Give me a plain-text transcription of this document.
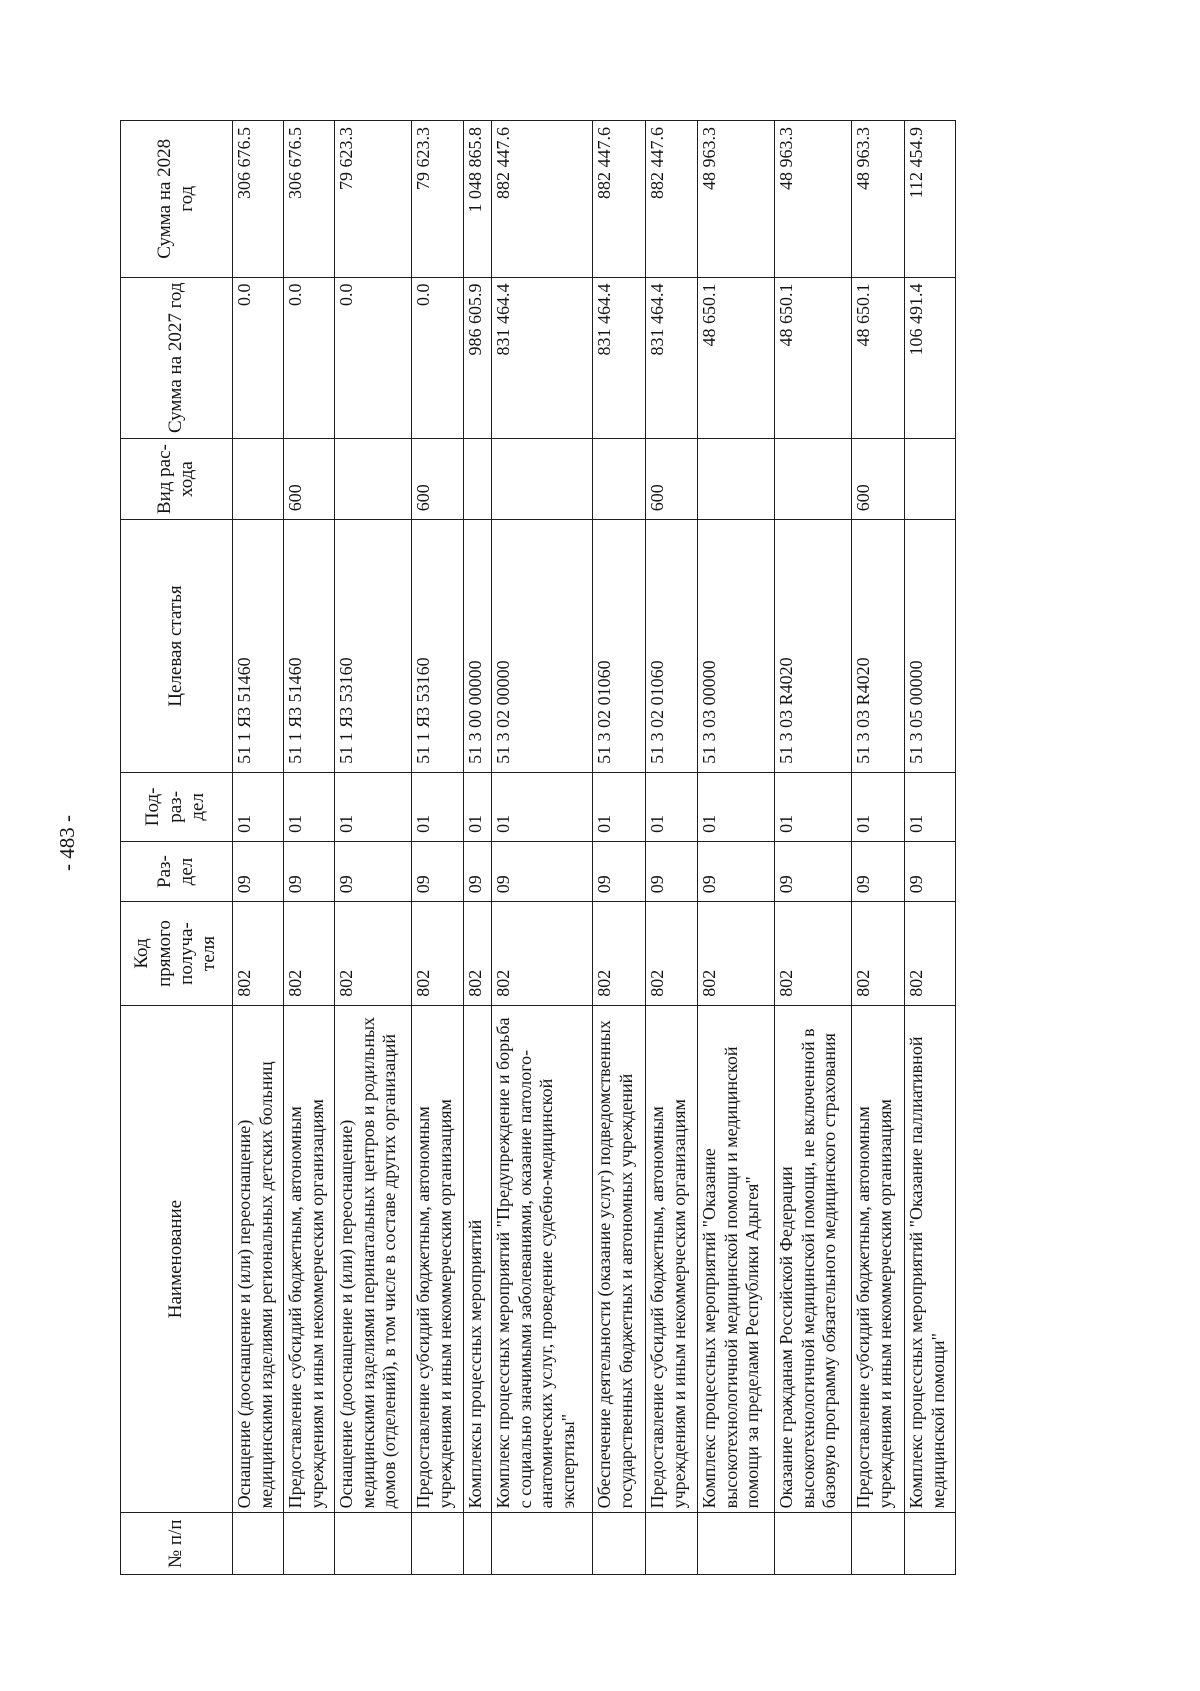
- 483 -
№ п/п	Наименование	Код прямого получа- теля	Раз- дел	Под- раз- дел	Целевая статья	Вид рас- хода	Сумма на 2027 год	Сумма на 2028 год
	Оснащение (дооснащение и (или) переоснащение) медицинскими изделиями региональных детских больниц	802	09	01	51 1 Я3 51460		0.0	306 676.5
	Предоставление субсидий бюджетным, автономным учреждениям и иным некоммерческим организациям	802	09	01	51 1 Я3 51460	600	0.0	306 676.5
	Оснащение (дооснащение и (или) переоснащение) медицинскими изделиями перинатальных центров и родильных домов (отделений), в том числе в составе других организаций	802	09	01	51 1 Я3 53160		0.0	79 623.3
	Предоставление субсидий бюджетным, автономным учреждениям и иным некоммерческим организациям	802	09	01	51 1 Я3 53160	600	0.0	79 623.3
	Комплексы процессных мероприятий	802	09	01	51 3 00 00000		986 605.9	1 048 865.8
	Комплекс процессных мероприятий "Предупреждение и борьба с социально значимыми заболеваниями, оказание патолого-анатомических услуг, проведение судебно-медицинской экспертизы"	802	09	01	51 3 02 00000		831 464.4	882 447.6
	Обеспечение деятельности (оказание услуг) подведомственных государственных бюджетных и автономных учреждений	802	09	01	51 3 02 01060		831 464.4	882 447.6
	Предоставление субсидий бюджетным, автономным учреждениям и иным некоммерческим организациям	802	09	01	51 3 02 01060	600	831 464.4	882 447.6
	Комплекс процессных мероприятий "Оказание высокотехнологичной медицинской помощи и медицинской помощи за пределами Республики Адыгея"	802	09	01	51 3 03 00000		48 650.1	48 963.3
	Оказание гражданам Российской Федерации высокотехнологичной медицинской помощи, не включенной в базовую программу обязательного медицинского страхования	802	09	01	51 3 03 R4020		48 650.1	48 963.3
	Предоставление субсидий бюджетным, автономным учреждениям и иным некоммерческим организациям	802	09	01	51 3 03 R4020	600	48 650.1	48 963.3
	Комплекс процессных мероприятий "Оказание паллиативной медицинской помощи"	802	09	01	51 3 05 00000		106 491.4	112 454.9
